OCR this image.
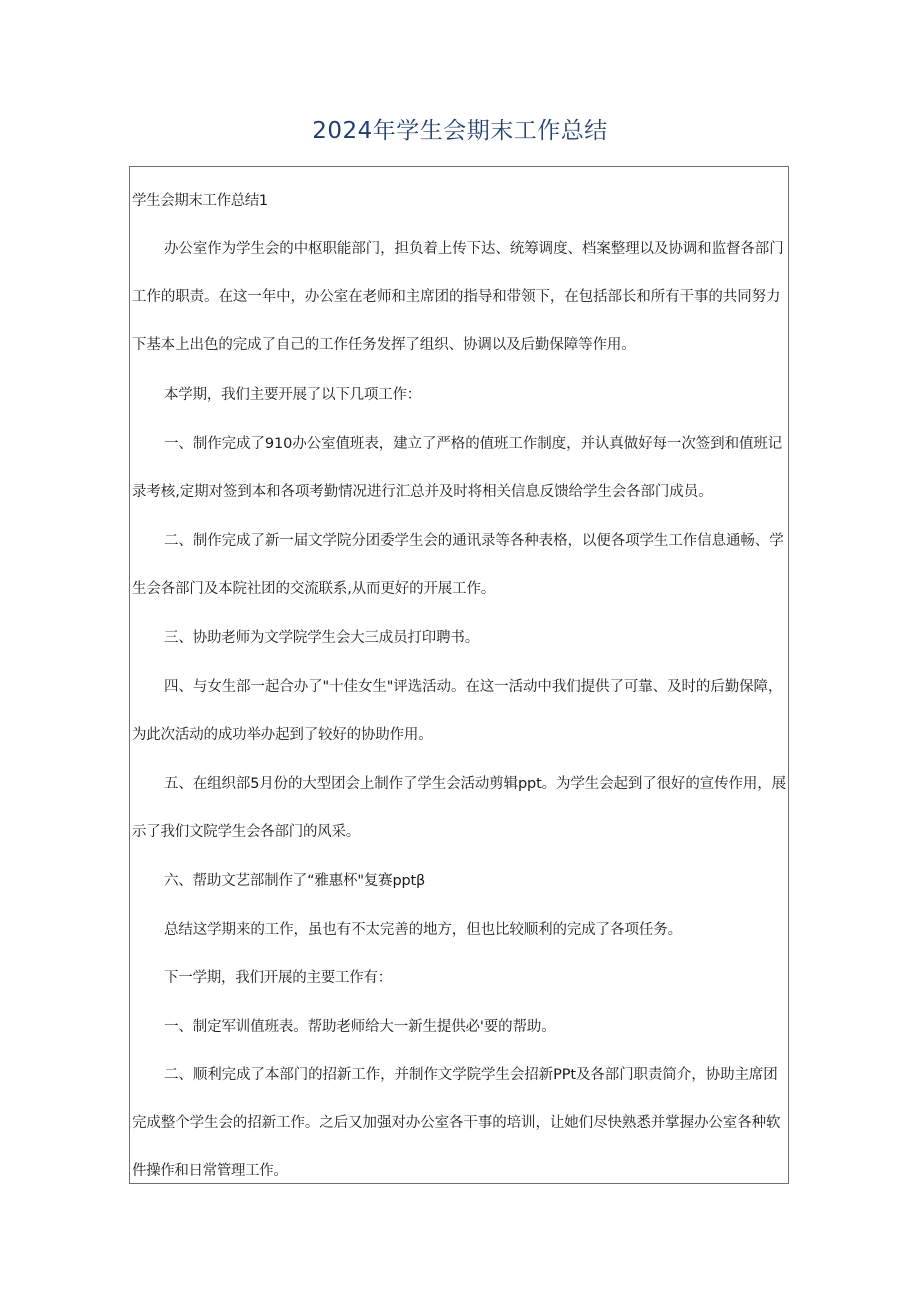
2024年学生会期末工作总结
学生会期末工作总结1
办公室作为学生会的中枢职能部门，担负着上传下达、统筹调度、档案整理以及协调和监督各部门
工作的职责。在这一年中，办公室在老师和主席团的指导和带领下，在包括部长和所有干事的共同努力
下基本上出色的完成了自己的工作任务发挥了组织、协调以及后勤保障等作用。
本学期，我们主要开展了以下几项工作：
一、制作完成了910办公室值班表，建立了严格的值班工作制度，并认真做好每一次签到和值班记
录考核,定期对签到本和各项考勤情况进行汇总并及时将相关信息反馈给学生会各部门成员。
二、制作完成了新一届文学院分团委学生会的通讯录等各种表格，以便各项学生工作信息通畅、学
生会各部门及本院社团的交流联系,从而更好的开展工作。
三、协助老师为文学院学生会大三成员打印聘书。
四、与女生部一起合办了"十佳女生"评选活动。在这一活动中我们提供了可靠、及时的后勤保障，
为此次活动的成功举办起到了较好的协助作用。
五、在组织部5月份的大型团会上制作了学生会活动剪辑ppt。为学生会起到了很好的宣传作用，展
示了我们文院学生会各部门的风采。
六、帮助文艺部制作了“雅惠杯"复赛pptβ
总结这学期来的工作，虽也有不太完善的地方，但也比较顺利的完成了各项任务。
下一学期，我们开展的主要工作有：
一、制定军训值班表。帮助老师给大一新生提供必'要的帮助。
二、顺利完成了本部门的招新工作，并制作文学院学生会招新PPt及各部门职责简介，协助主席团
完成整个学生会的招新工作。之后又加强对办公室各干事的培训，让她们尽快熟悉并掌握办公室各种软
件操作和日常管理工作。
